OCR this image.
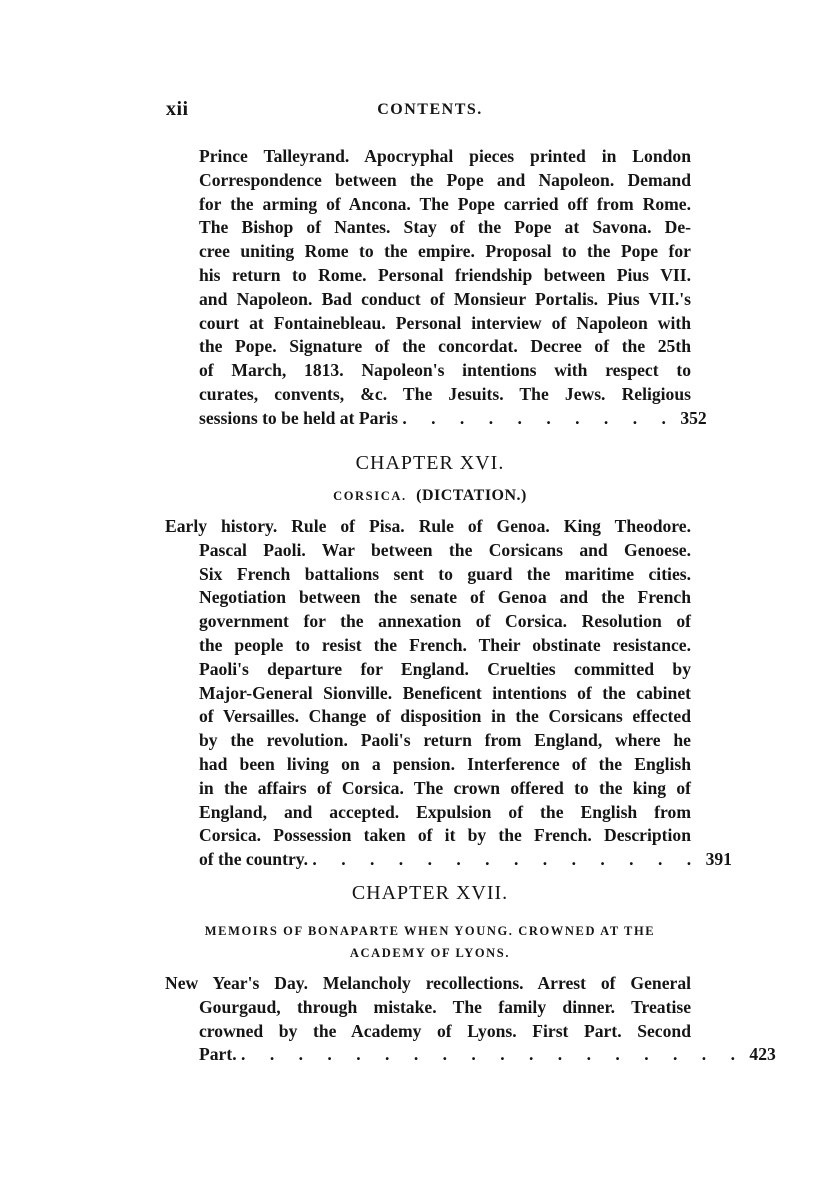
xii	CONTENTS.
Prince Talleyrand. Apocryphal pieces printed in London
Correspondence between the Pope and Napoleon. Demand
for the arming of Ancona. The Pope carried off from Rome.
The Bishop of Nantes. Stay of the Pope at Savona. De-
cree uniting Rome to the empire. Proposal to the Pope for
his return to Rome. Personal friendship between Pius VII.
and Napoleon. Bad conduct of Monsieur Portalis. Pius VII.'s
court at Fontainebleau. Personal interview of Napoleon with
the Pope. Signature of the concordat. Decree of the 25th
of March, 1813. Napoleon's intentions with respect to
curates, convents, &c. The Jesuits. The Jews. Religious
sessions to be held at Paris . . . . . . . . . . 352
CHAPTER XVI.
CORSICA. (DICTATION.)
Early history. Rule of Pisa. Rule of Genoa. King Theodore.
Pascal Paoli. War between the Corsicans and Genoese.
Six French battalions sent to guard the maritime cities.
Negotiation between the senate of Genoa and the French
government for the annexation of Corsica. Resolution of
the people to resist the French. Their obstinate resistance.
Paoli's departure for England. Cruelties committed by
Major-General Sionville. Beneficent intentions of the cabinet
of Versailles. Change of disposition in the Corsicans effected
by the revolution. Paoli's return from England, where he
had been living on a pension. Interference of the English
in the affairs of Corsica. The crown offered to the king of
England, and accepted. Expulsion of the English from
Corsica. Possession taken of it by the French. Description
of the country. . . . . . . . . . . . . . . 391
CHAPTER XVII.
MEMOIRS OF BONAPARTE WHEN YOUNG. CROWNED AT THE
ACADEMY OF LYONS.
New Year's Day. Melancholy recollections. Arrest of General
Gourgaud, through mistake. The family dinner. Treatise
crowned by the Academy of Lyons. First Part. Second
Part. . . . . . . . . . . . . . . . . . . 423
